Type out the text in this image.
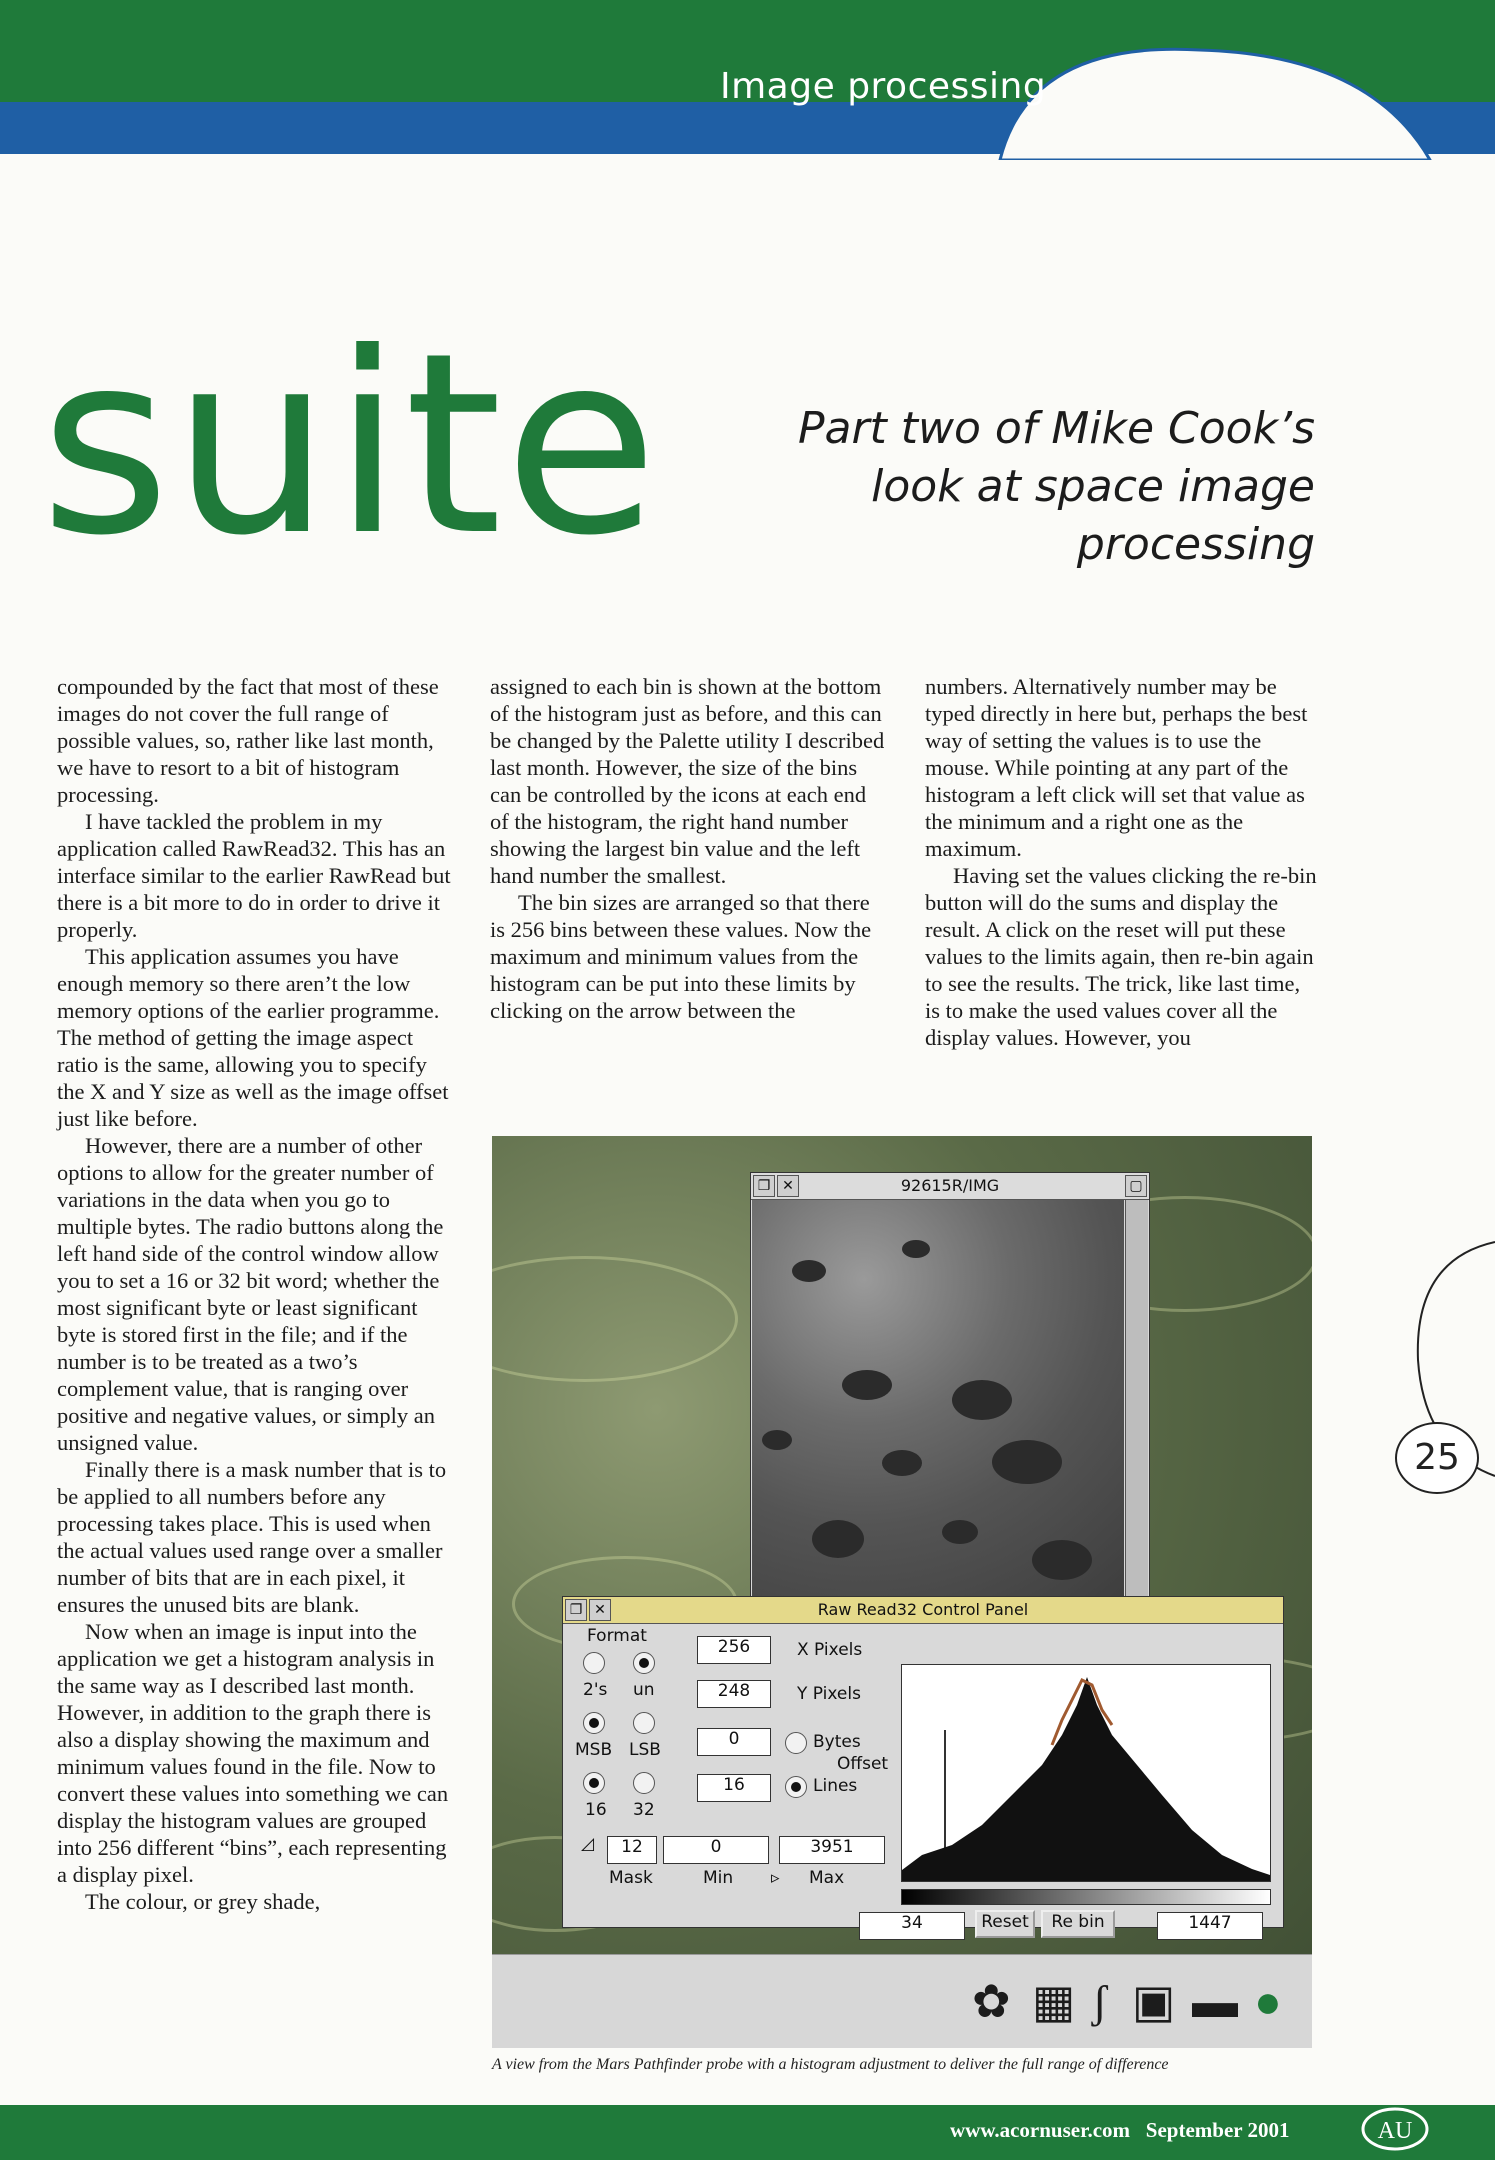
Image processing
suite	Part two of Mike Cook’s look at space image processing

compounded by the fact that most of these images do not cover the full range of possible values, so, rather like last month, we have to resort to a bit of histogram processing.

I have tackled the problem in my application called RawRead32. This has an interface similar to the earlier RawRead but there is a bit more to do in order to drive it properly.

This application assumes you have enough memory so there aren’t the low memory options of the earlier programme. The method of getting the image aspect ratio is the same, allowing you to specify the X and Y size as well as the image offset just like before.

However, there are a number of other options to allow for the greater number of variations in the data when you go to multiple bytes. The radio buttons along the left hand side of the control window allow you to set a 16 or 32 bit word; whether the most significant byte or least significant byte is stored first in the file; and if the number is to be treated as a two’s complement value, that is ranging over positive and negative values, or simply an unsigned value.

Finally there is a mask number that is to be applied to all numbers before any processing takes place. This is used when the actual values used range over a smaller number of bits that are in each pixel, it ensures the unused bits are blank.

Now when an image is input into the application we get a histogram analysis in the same way as I described last month. However, in addition to the graph there is also a display showing the maximum and minimum values found in the file. Now to convert these values into something we can display the histogram values are grouped into 256 different “bins”, each representing a display pixel.

The colour, or grey shade,

assigned to each bin is shown at the bottom of the histogram just as before, and this can be changed by the Palette utility I described last month. However, the size of the bins can be controlled by the icons at each end of the histogram, the right hand number showing the largest bin value and the left hand number the smallest.

The bin sizes are arranged so that there is 256 bins between these values. Now the maximum and minimum values from the histogram can be put into these limits by clicking on the arrow between the

numbers. Alternatively number may be typed directly in here but, perhaps the best way of setting the values is to use the mouse. While pointing at any part of the histogram a left click will set that value as the minimum and a right one as the maximum.

Having set the values clicking the re-bin button will do the sums and display the result. A click on the reset will put these values to the limits again, then re-bin again to see the results. The trick, like last time, is to make the used values cover all the display values. However, you

❐ ✕	92615R/IMG	▢
❐ ✕	Raw Read32 Control Panel
Format
2's un
MSB LSB
16 32
256	X Pixels
248	Y Pixels
0	Bytes
Offset
16	Lines
◿	12
Mask
0
Min ▹
3951
Max
34	Reset	Re bin	1447
✿ ▦ ʃ ▣ ▬ ●
A view from the Mars Pathfinder probe with a histogram adjustment to deliver the full range of difference
25
www.acornuser.com September 2001	AU
